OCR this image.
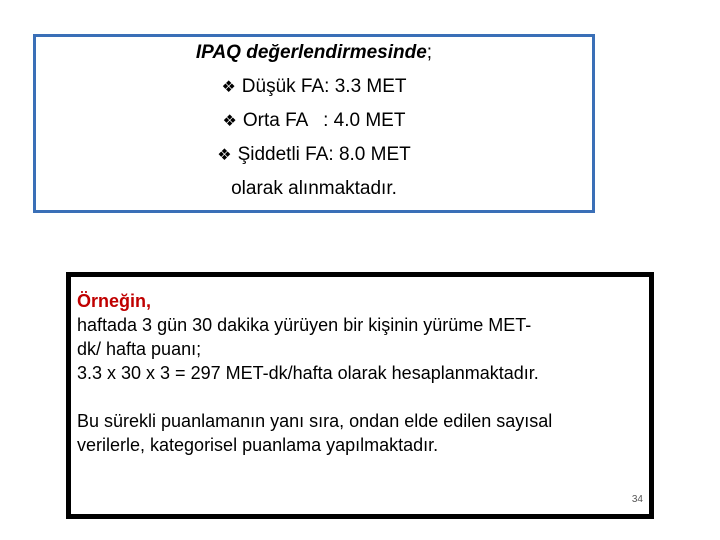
IPAQ değerlendirmesinde;
❖ Düşük FA: 3.3 MET
❖ Orta FA   : 4.0 MET
❖ Şiddetli FA: 8.0 MET
olarak alınmaktadır.

Örneğin,

haftada 3 gün 30 dakika yürüyen bir kişinin yürüme MET-

dk/ hafta puanı;

3.3 x 30 x 3 = 297 MET-dk/hafta olarak hesaplanmaktadır.

Bu sürekli puanlamanın yanı sıra, ondan elde edilen sayısal

verilerle, kategorisel puanlama yapılmaktadır.

34
